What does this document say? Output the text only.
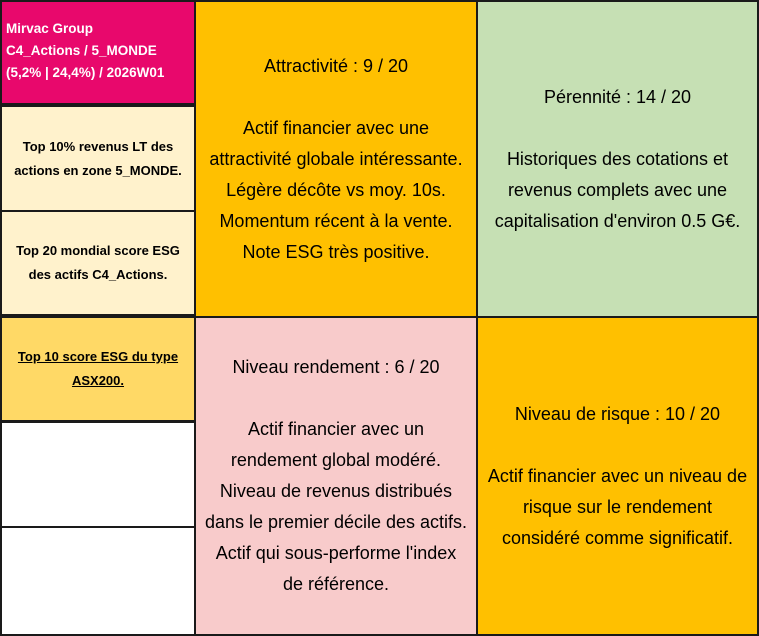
Mirvac Group
C4_Actions / 5_MONDE
(5,2% | 24,4%) / 2026W01
Top 10% revenus LT des
actions en zone 5_MONDE.
Top 20 mondial score ESG
des actifs C4_Actions.
Top 10 score ESG du type
ASX200.
Attractivité : 9 / 20
Actif financier avec une
attractivité globale intéressante.
Légère décôte vs moy. 10s.
Momentum récent à la vente.
Note ESG très positive.
Pérennité : 14 / 20
Historiques des cotations et
revenus complets avec une
capitalisation d'environ 0.5 G€.
Niveau rendement : 6 / 20
Actif financier avec un
rendement global modéré.
Niveau de revenus distribués
dans le premier décile des actifs.
Actif qui sous-performe l'index
de référence.
Niveau de risque : 10 / 20
Actif financier avec un niveau de
risque sur le rendement
considéré comme significatif.
